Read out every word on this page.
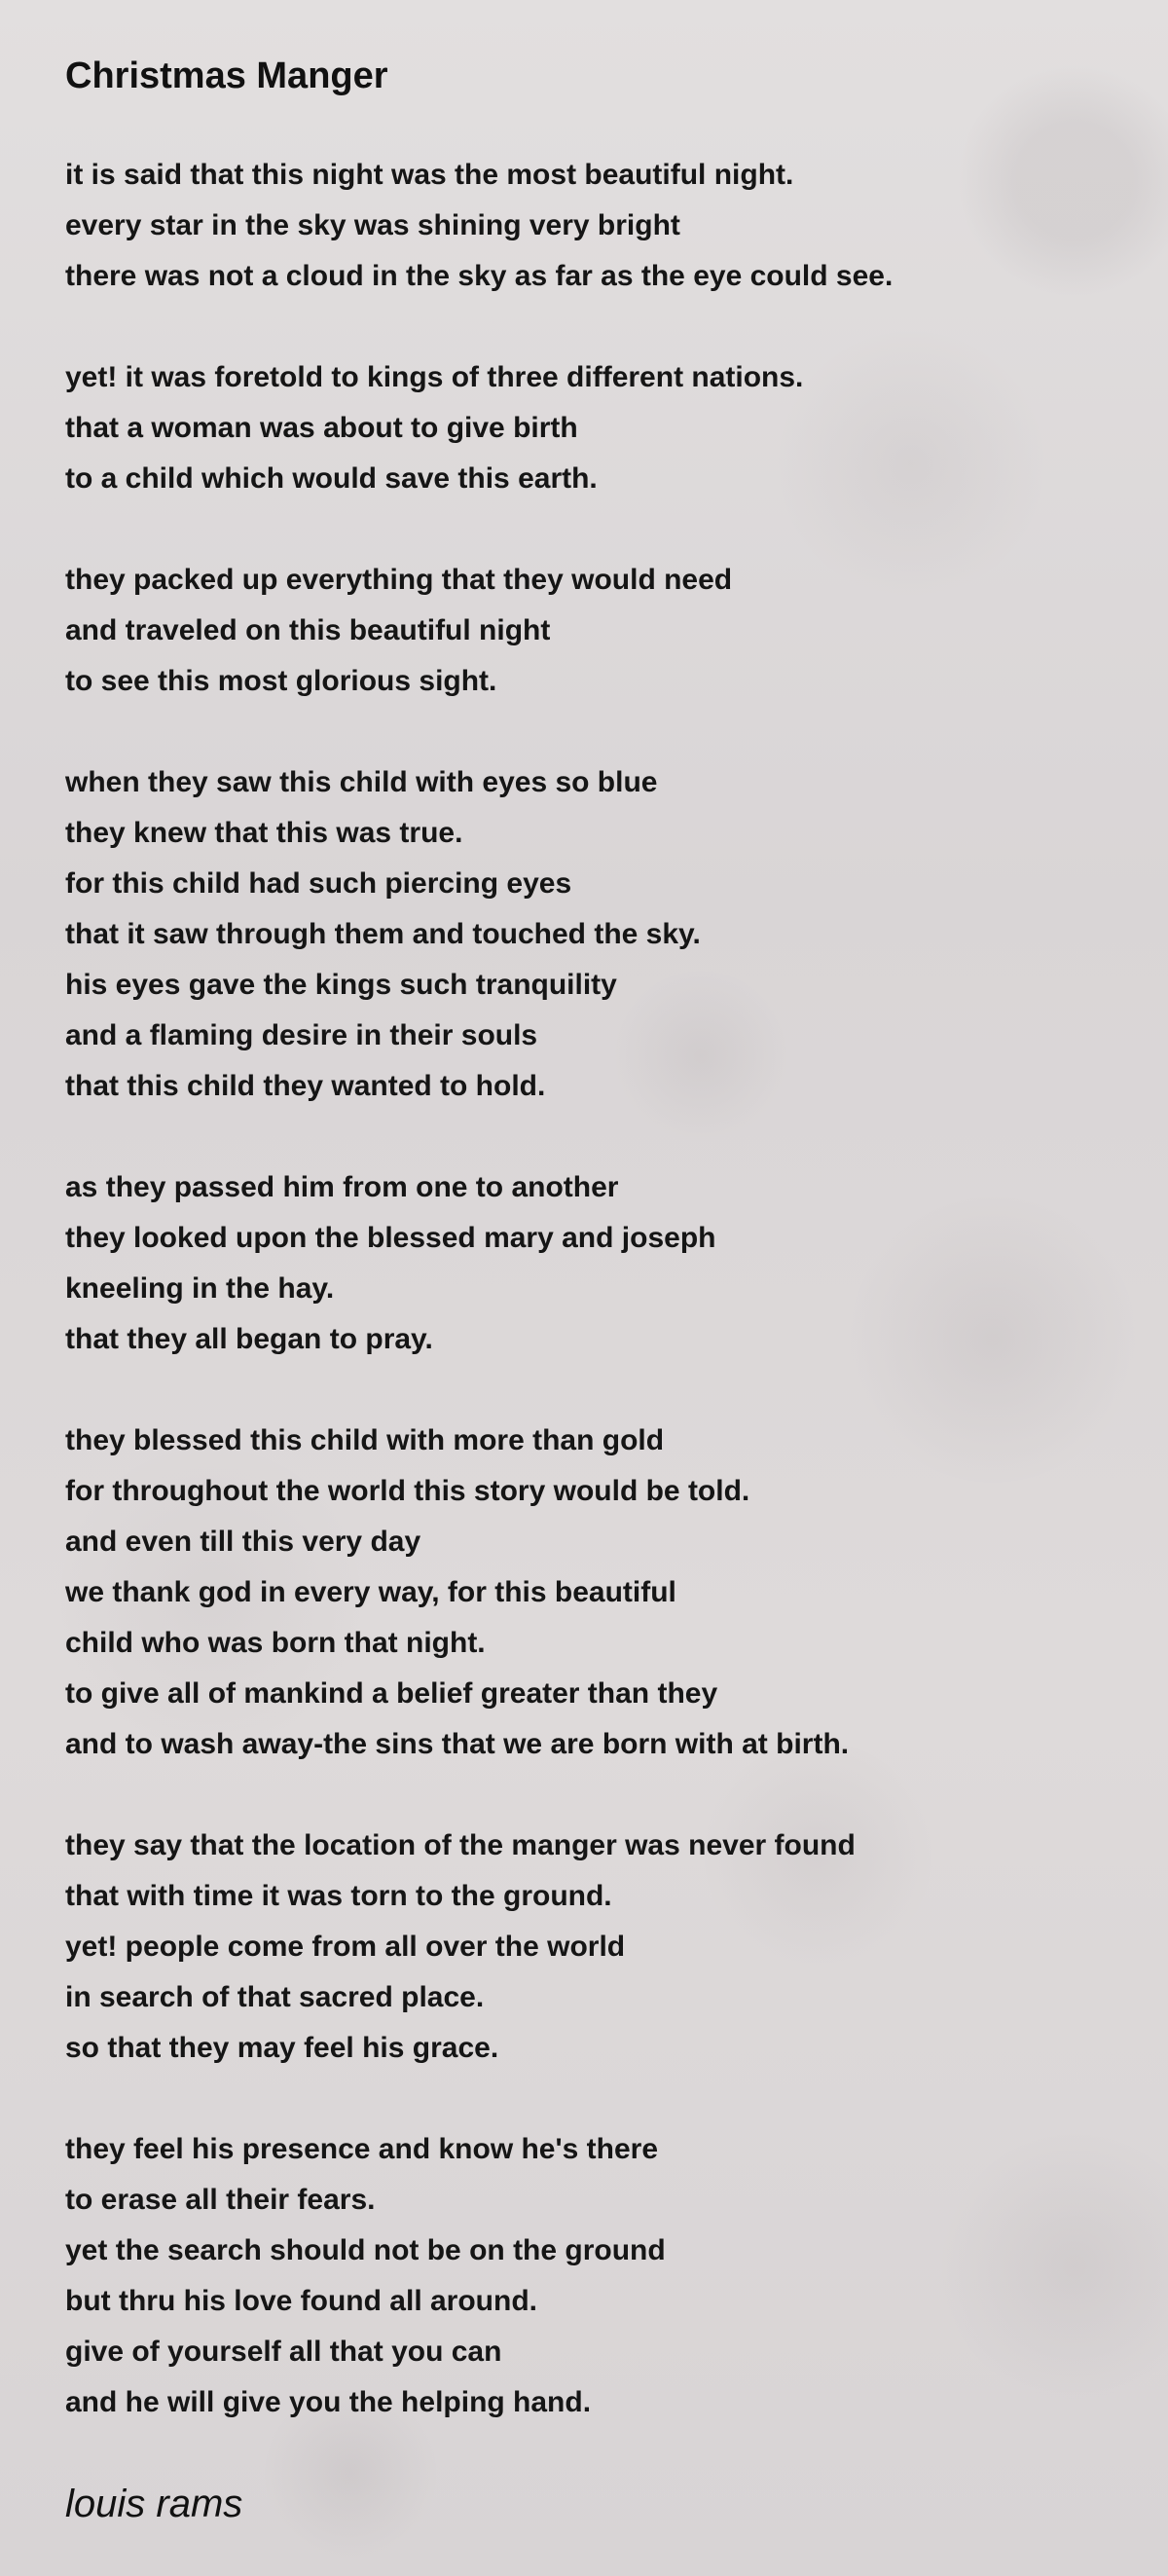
Christmas Manger
it is said that this night was the most beautiful night.
every star in the sky was shining very bright
there was not a cloud in the sky as far as the eye could see.
yet! it was foretold to kings of three different nations.
that a woman was about to give birth
to a child which would save this earth.
they packed up everything that they would need
and traveled on this beautiful night
to see this most glorious sight.
when they saw this child with eyes so blue
they knew that this was true.
for this child had such piercing eyes
that it saw through them and touched the sky.
his eyes gave the kings such tranquility
and a flaming desire in their souls
that this child they wanted to hold.
as they passed him from one to another
they looked upon the blessed mary and joseph
kneeling in the hay.
that they all began to pray.
they blessed this child with more than gold
for throughout the world this story would be told.
and even till this very day
we thank god in every way, for this beautiful
child who was born that night.
to give all of mankind a belief greater than they
and to wash away-the sins that we are born with at birth.
they say that the location of the manger was never found
that with time it was torn to the ground.
yet! people come from all over the world
in search of that sacred place.
so that they may feel his grace.
they feel his presence and know he's there
to erase all their fears.
yet the search should not be on the ground
but thru his love found all around.
give of yourself all that you can
and he will give you the helping hand.
louis rams
